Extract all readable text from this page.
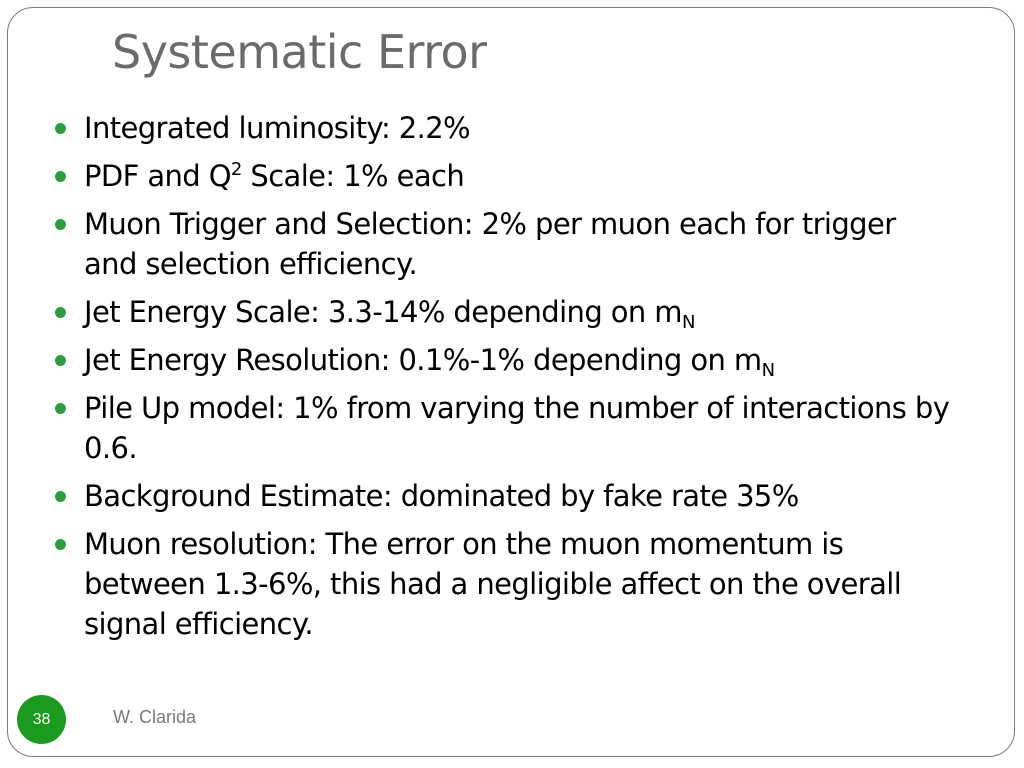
Systematic Error
Integrated luminosity: 2.2%
PDF and $Q^2$ Scale: 1% each
Muon Trigger and Selection: 2% per muon each for trigger and selection efficiency.
Jet Energy Scale: 3.3-14% depending on $m_N$
Jet Energy Resolution: 0.1%-1% depending on $m_N$
Pile Up model: 1% from varying the number of interactions by 0.6.
Background Estimate: dominated by fake rate 35%
Muon resolution: The error on the muon momentum is between 1.3-6%, this had a negligible affect on the overall signal efficiency.
38	W. Clarida
